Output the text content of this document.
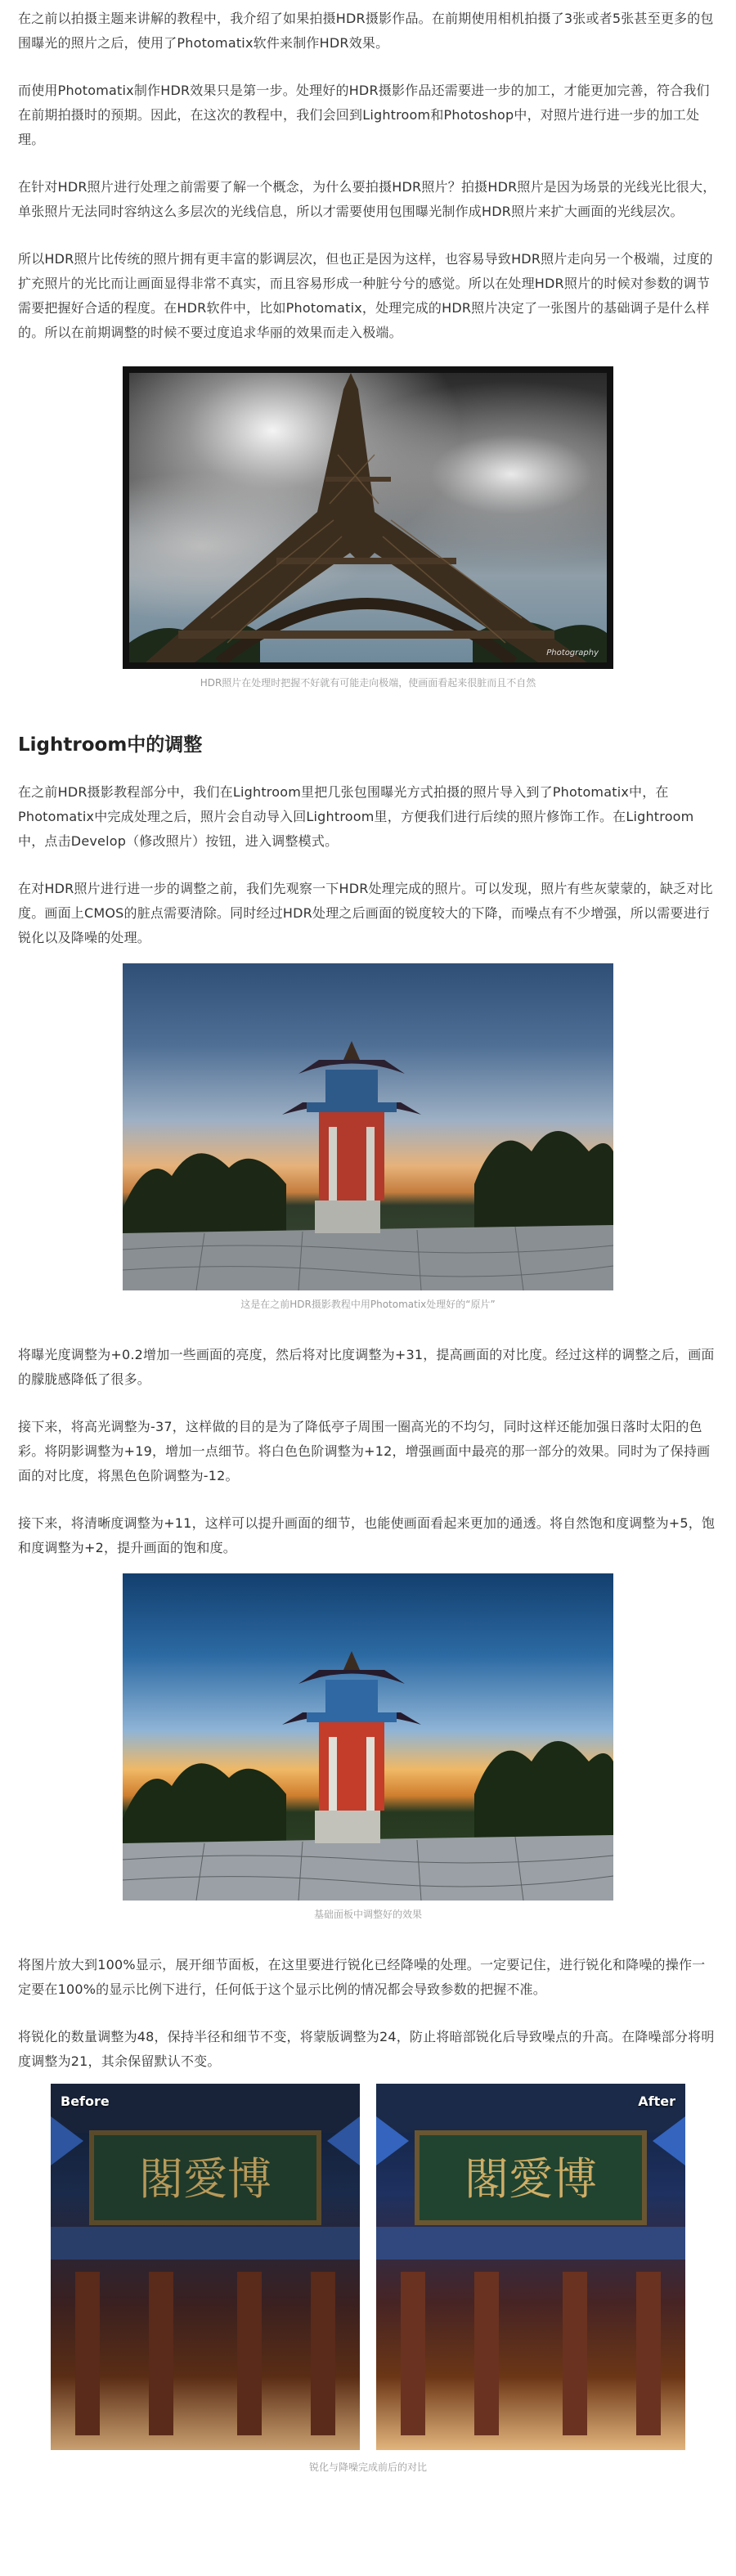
在之前以拍摄主题来讲解的教程中，我介绍了如果拍摄HDR摄影作品。在前期使用相机拍摄了3张或者5张甚至更多的包围曝光的照片之后，使用了Photomatix软件来制作HDR效果。

而使用Photomatix制作HDR效果只是第一步。处理好的HDR摄影作品还需要进一步的加工，才能更加完善，符合我们在前期拍摄时的预期。因此，在这次的教程中，我们会回到Lightroom和Photoshop中，对照片进行进一步的加工处理。

在针对HDR照片进行处理之前需要了解一个概念，为什么要拍摄HDR照片？拍摄HDR照片是因为场景的光线光比很大，单张照片无法同时容纳这么多层次的光线信息，所以才需要使用包围曝光制作成HDR照片来扩大画面的光线层次。

所以HDR照片比传统的照片拥有更丰富的影调层次，但也正是因为这样，也容易导致HDR照片走向另一个极端，过度的扩充照片的光比而让画面显得非常不真实，而且容易形成一种脏兮兮的感觉。所以在处理HDR照片的时候对参数的调节需要把握好合适的程度。在HDR软件中，比如Photomatix，处理完成的HDR照片决定了一张图片的基础调子是什么样的。所以在前期调整的时候不要过度追求华丽的效果而走入极端。

Photography
HDR照片在处理时把握不好就有可能走向极端，使画面看起来很脏而且不自然
Lightroom中的调整

在之前HDR摄影教程部分中，我们在Lightroom里把几张包围曝光方式拍摄的照片导入到了Photomatix中，在Photomatix中完成处理之后，照片会自动导入回Lightroom里，方便我们进行后续的照片修饰工作。在Lightroom中，点击Develop（修改照片）按钮，进入调整模式。

在对HDR照片进行进一步的调整之前，我们先观察一下HDR处理完成的照片。可以发现，照片有些灰蒙蒙的，缺乏对比度。画面上CMOS的脏点需要清除。同时经过HDR处理之后画面的锐度较大的下降，而噪点有不少增强，所以需要进行锐化以及降噪的处理。

这是在之前HDR摄影教程中用Photomatix处理好的“原片”

将曝光度调整为+0.2增加一些画面的亮度，然后将对比度调整为+31，提高画面的对比度。经过这样的调整之后，画面的朦胧感降低了很多。

接下来，将高光调整为-37，这样做的目的是为了降低亭子周围一圈高光的不均匀，同时这样还能加强日落时太阳的色彩。将阴影调整为+19，增加一点细节。将白色色阶调整为+12，增强画面中最亮的那一部分的效果。同时为了保持画面的对比度，将黑色色阶调整为-12。

接下来，将清晰度调整为+11，这样可以提升画面的细节，也能使画面看起来更加的通透。将自然饱和度调整为+5，饱和度调整为+2，提升画面的饱和度。

基础面板中调整好的效果

将图片放大到100%显示，展开细节面板，在这里要进行锐化已经降噪的处理。一定要记住，进行锐化和降噪的操作一定要在100%的显示比例下进行，任何低于这个显示比例的情况都会导致参数的把握不准。

将锐化的数量调整为48，保持半径和细节不变，将蒙版调整为24，防止将暗部锐化后导致噪点的升高。在降噪部分将明度调整为21，其余保留默认不变。

閣愛博
Before
閣愛博
After
锐化与降噪完成前后的对比
